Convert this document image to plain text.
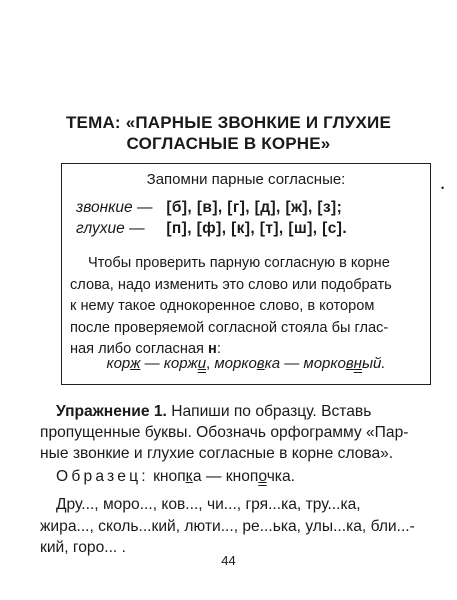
ТЕМА: «ПАРНЫЕ ЗВОНКИЕ И ГЛУХИЕ
СОГЛАСНЫЕ В КОРНЕ»
•
Запомни парные согласные:
звонкие — [б], [в], [г], [д], [ж], [з];
глухие — [п], [ф], [к], [т], [ш], [с].
Чтобы проверить парную согласную в корне
слова, надо изменить это слово или подобрать
к нему такое однокоренное слово, в котором
после проверяемой согласной стояла бы глас-
ная либо согласная н:
корж — коржи, морковка — морковный.
Упражнение 1. Напиши по образцу. Вставь
пропущенные буквы. Обозначь орфограмму «Пар-
ные звонкие и глухие согласные в корне слова».
Образец: кнопка — кнопочка.
Дру..., моро..., ков..., чи..., гря...ка, тру...ка,
жира..., сколь...кий, люти..., ре...ька, улы...ка, бли...-
кий, горо... .
44
